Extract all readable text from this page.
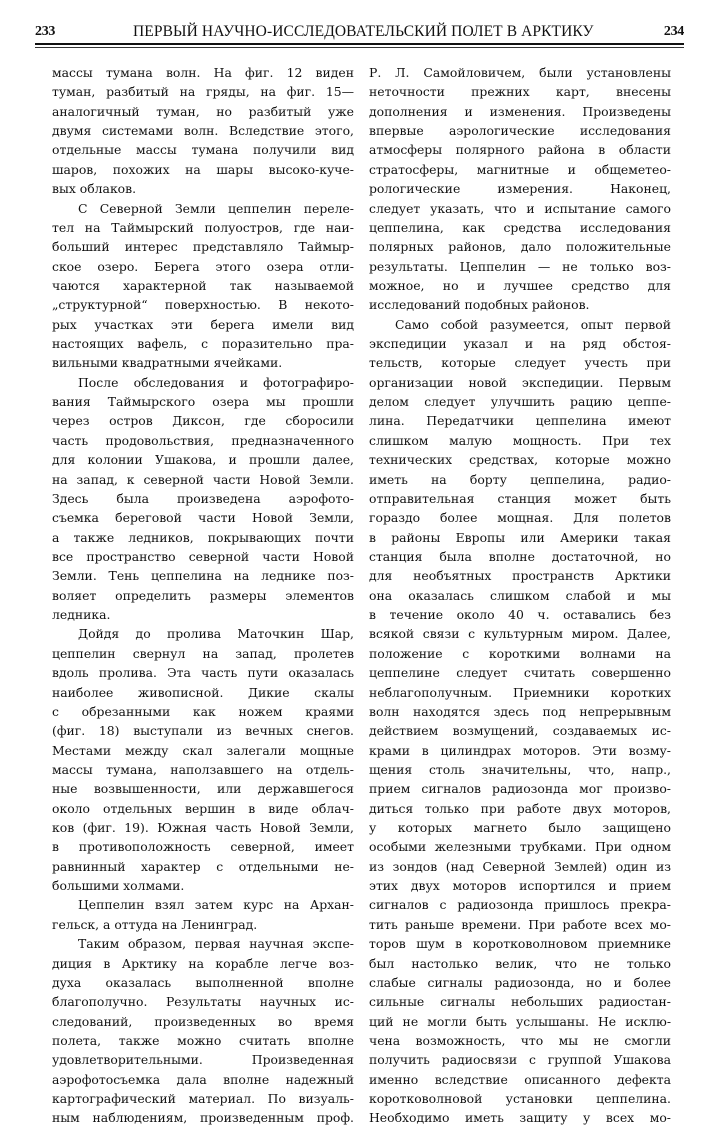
233	ПЕРВЫЙ НАУЧНО-ИССЛЕДОВАТЕЛЬСКИЙ ПОЛЕТ В АРКТИКУ	234
массы тумана волн. На фиг. 12 виден
туман, разбитый на гряды, на фиг. 15—
аналогичный туман, но разбитый уже
двумя системами волн. Вследствие этого,
отдельные массы тумана получили вид
шаров, похожих на шары высоко-куче-
вых облаков.
С Северной Земли цеппелин переле-
тел на Таймырский полуостров, где наи-
больший интерес представляло Таймыр-
ское озеро. Берега этого озера отли-
чаются характерной так называемой
„структурной“ поверхностью. В некото-
рых участках эти берега имели вид
настоящих вафель, с поразительно пра-
вильными квадратными ячейками.
После обследования и фотографиро-
вания Таймырского озера мы прошли
через остров Диксон, где сборосили
часть продовольствия, предназначенного
для колонии Ушакова, и прошли далее,
на запад, к северной части Новой Земли.
Здесь была произведена аэрофото-
съемка береговой части Новой Земли,
а также ледников, покрывающих почти
все пространство северной части Новой
Земли. Тень цеппелина на леднике поз-
воляет определить размеры элементов
ледника.
Дойдя до пролива Маточкин Шар,
цеппелин свернул на запад, пролетев
вдоль пролива. Эта часть пути оказалась
наиболее живописной. Дикие скалы
с обрезанными как ножем краями
(фиг. 18) выступали из вечных снегов.
Местами между скал залегали мощные
массы тумана, наползавшего на отдель-
ные возвышенности, или державшегося
около отдельных вершин в виде облач-
ков (фиг. 19). Южная часть Новой Земли,
в противоположность северной, имеет
равнинный характер с отдельными не-
большими холмами.
Цеппелин взял затем курс на Архан-
гельск, а оттуда на Ленинград.
Таким образом, первая научная экспе-
диция в Арктику на корабле легче воз-
духа оказалась выполненной вполне
благополучно. Результаты научных ис-
следований, произведенных во время
полета, также можно считать вполне
удовлетворительными. Произведенная
аэрофотосъемка дала вполне надежный
картографический материал. По визуаль-
ным наблюдениям, произведенным проф.
Р. Л. Самойловичем, были установлены
неточности прежних карт, внесены
дополнения и изменения. Произведены
впервые аэрологические исследования
атмосферы полярного района в области
стратосферы, магнитные и общеметео-
рологические измерения. Наконец,
следует указать, что и испытание самого
цеппелина, как средства исследования
полярных районов, дало положительные
результаты. Цеппелин — не только воз-
можное, но и лучшее средство для
исследований подобных районов.
Само собой разумеется, опыт первой
экспедиции указал и на ряд обстоя-
тельств, которые следует учесть при
организации новой экспедиции. Первым
делом следует улучшить рацию цеппе-
лина. Передатчики цеппелина имеют
слишком малую мощность. При тех
технических средствах, которые можно
иметь на борту цеппелина, радио-
отправительная станция может быть
гораздо более мощная. Для полетов
в районы Европы или Америки такая
станция была вполне достаточной, но
для необъятных пространств Арктики
она оказалась слишком слабой и мы
в течение около 40 ч. оставались без
всякой связи с культурным миром. Далее,
положение с короткими волнами на
цеппелине следует считать совершенно
неблагополучным. Приемники коротких
волн находятся здесь под непрерывным
действием возмущений, создаваемых ис-
крами в цилиндрах моторов. Эти возму-
щения столь значительны, что, напр.,
прием сигналов радиозонда мог произво-
диться только при работе двух моторов,
у которых магнето было защищено
особыми железными трубками. При одном
из зондов (над Северной Землей) один из
этих двух моторов испортился и прием
сигналов с радиозонда пришлось прекра-
тить раньше времени. При работе всех мо-
торов шум в коротковолновом приемнике
был настолько велик, что не только
слабые сигналы радиозонда, но и более
сильные сигналы небольших радиостан-
ций не могли быть услышаны. Не исклю-
чена возможность, что мы не смогли
получить радиосвязи с группой Ушакова
именно вследствие описанного дефекта
коротковолновой установки цеппелина.
Необходимо иметь защиту у всех мо-
